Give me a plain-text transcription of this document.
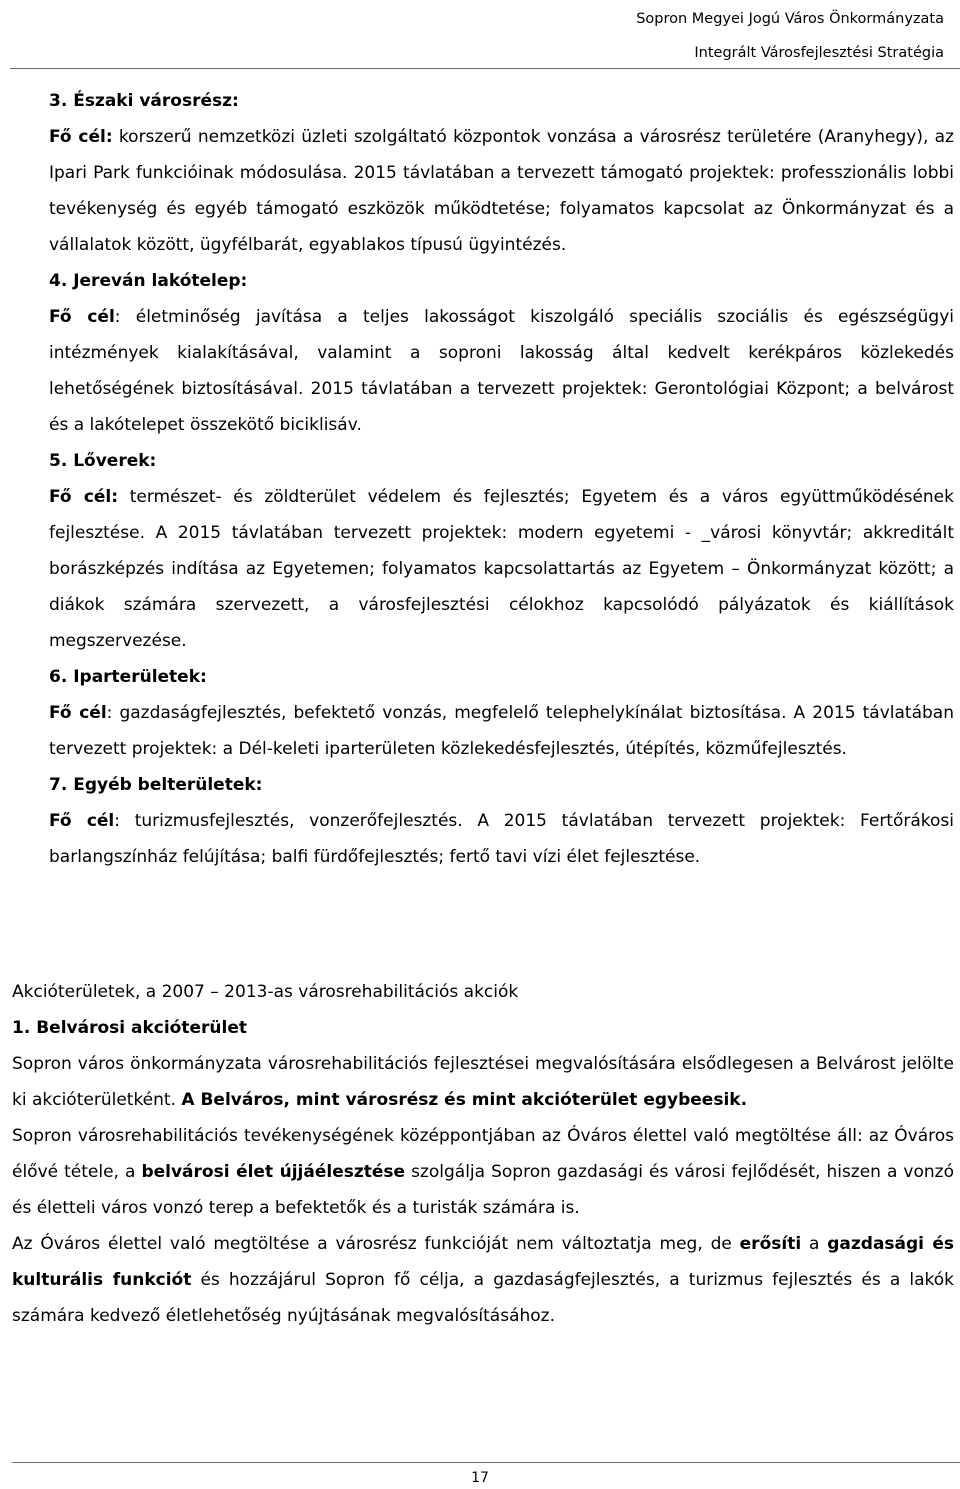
Sopron Megyei Jogú Város Önkormányzata
Integrált Városfejlesztési Stratégia

3. Északi városrész:

Fő cél: korszerű nemzetközi üzleti szolgáltató központok vonzása a városrész területére (Aranyhegy), az Ipari Park funkcióinak módosulása. 2015 távlatában a tervezett támogató projektek: professzionális lobbi tevékenység és egyéb támogató eszközök működtetése; folyamatos kapcsolat az Önkormányzat és a vállalatok között, ügyfélbarát, egyablakos típusú ügyintézés.

4. Jereván lakótelep:

Fő cél: életminőség javítása a teljes lakosságot kiszolgáló speciális szociális és egészségügyi intézmények kialakításával, valamint a soproni lakosság által kedvelt kerékpáros közlekedés lehetőségének biztosításával. 2015 távlatában a tervezett projektek: Gerontológiai Központ; a belvárost és a lakótelepet összekötő biciklisáv.

5. Lőverek:

Fő cél: természet- és zöldterület védelem és fejlesztés; Egyetem és a város együttműködésének fejlesztése. A 2015 távlatában tervezett projektek: modern egyetemi - _városi könyvtár; akkreditált borászképzés indítása az Egyetemen; folyamatos kapcsolattartás az Egyetem – Önkormányzat között; a diákok számára szervezett, a városfejlesztési célokhoz kapcsolódó pályázatok és kiállítások megszervezése.

6. Iparterületek:

Fő cél: gazdaságfejlesztés, befektető vonzás, megfelelő telephelykínálat biztosítása. A 2015 távlatában tervezett projektek: a Dél-keleti iparterületen közlekedésfejlesztés, útépítés, közműfejlesztés.

7. Egyéb belterületek:

Fő cél: turizmusfejlesztés, vonzerőfejlesztés. A 2015 távlatában tervezett projektek: Fertőrákosi barlangszínház felújítása; balfi fürdőfejlesztés; fertő tavi vízi élet fejlesztése.

Akcióterületek, a 2007 – 2013-as városrehabilitációs akciók

1. Belvárosi akcióterület

Sopron város önkormányzata városrehabilitációs fejlesztései megvalósítására elsődlegesen a Belvárost jelölte ki akcióterületként. A Belváros, mint városrész és mint akcióterület egybeesik.

Sopron városrehabilitációs tevékenységének középpontjában az Óváros élettel való megtöltése áll: az Óváros élővé tétele, a belvárosi élet újjáélesztése szolgálja Sopron gazdasági és városi fejlődését, hiszen a vonzó és életteli város vonzó terep a befektetők és a turisták számára is.

Az Óváros élettel való megtöltése a városrész funkcióját nem változtatja meg, de erősíti a gazdasági és kulturális funkciót és hozzájárul Sopron fő célja, a gazdaságfejlesztés, a turizmus fejlesztés és a lakók számára kedvező életlehetőség nyújtásának megvalósításához.

17
